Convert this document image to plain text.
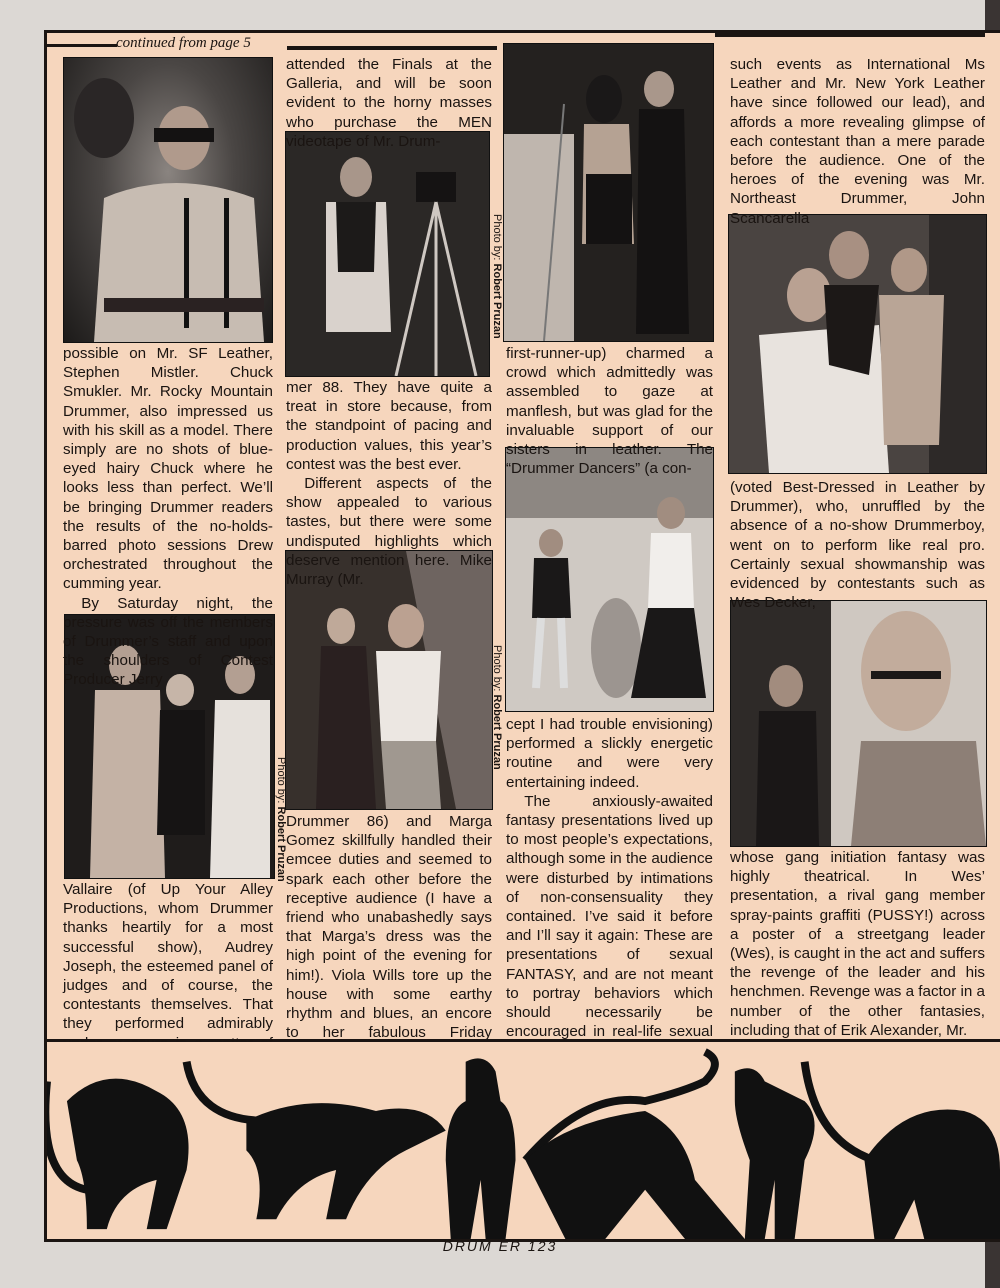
continued from page 5
Photo by: Robert Pruzan
Photo by: Robert Pruzan
Photo by: Robert Pruzan

possible on Mr. SF Leather, Stephen Mistler. Chuck Smukler. Mr. Rocky Mountain Drummer, also impressed us with his skill as a model. There simply are no shots of blue-eyed hairy Chuck where he looks less than perfect. We’ll be bringing Drummer readers the results of the no-holds-barred photo sessions Drew orchestrated throughout the cumming year.

By Saturday night, the pressure was off the members of Drummer’s staff and upon the shoulders of Contest Producer Jerry

Vallaire (of Up Your Alley Productions, whom Drummer thanks heartily for a most successful show), Audrey Joseph, the esteemed panel of judges and of course, the contestants themselves. That they performed admirably

attended the Finals at the Galleria, and will be soon evident to the horny masses who purchase the MEN videotape of Mr. Drum-

mer 88. They have quite a treat in store because, from the standpoint of pacing and production values, this year’s contest was the best ever.

Different aspects of the show appealed to various tastes, but there were some undisputed highlights which deserve mention here. Mike Murray (Mr.

Drummer 86) and Marga Gomez skillfully handled their emcee duties and seemed to spark each other before the receptive audience (I have a friend who unabashedly says that Marga’s dress was the high point of the evening for him!). Viola Wills tore up the house with some earthy rhythm and blues, an encore to her fabulous Friday

first-runner-up) charmed a crowd which admittedly was assembled to gaze at manflesh, but was glad for the invaluable support of our sisters in leather. The “Drummer Dancers” (a con-

cept I had trouble envisioning) performed a slickly energetic routine and were very entertaining indeed.

The anxiously-awaited fantasy presentations lived up to most people’s expectations, although some in the audience were disturbed by intimations of non-consensuality they contained. I’ve said it before and I’ll say it again: These are presentations of sexual FANTASY, and are not meant to portray behaviors which should necessarily be encouraged in real-life sexual

such events as International Ms Leather and Mr. New York Leather have since followed our lead), and affords a more revealing glimpse of each contestant than a mere parade before the audience. One of the heroes of the evening was Mr. Northeast Drummer, John Scancarella

(voted Best-Dressed in Leather by Drummer), who, unruffled by the absence of a no-show Drummerboy, went on to perform like real pro. Certainly sexual showmanship was evidenced by contestants such as Wes Decker,

whose gang initiation fantasy was highly theatrical. In Wes’ presentation, a rival gang member spray-paints graffiti (PUSSY!) across a poster of a streetgang leader (Wes), is caught in the act and suffers the revenge of the leader and his henchmen. Revenge was a factor in a number of the other fantasies, including that of Erik Alexander, Mr.

DRUM ER 123
